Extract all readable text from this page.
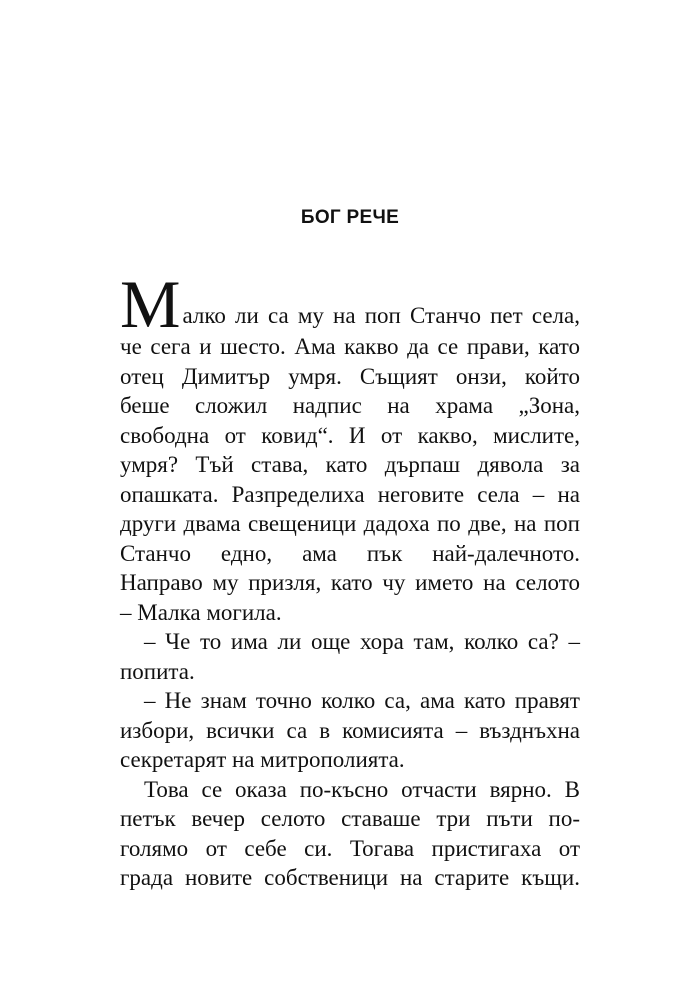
БОГ РЕЧЕ
М алко ли са му на поп Станчо пет села,
че сега и шесто. Ама какво да се прави, като
отец Димитър умря. Същият онзи, който
беше сложил надпис на храма „Зона,
свободна от ковид“. И от какво, мислите,
умря? Тъй става, като дърпаш дявола за
опашката. Разпределиха неговите села – на
други двама свещеници дадоха по две, на поп
Станчо едно, ама пък най-далечното.
Направо му призля, като чу името на селото
– Малка могила.
– Че то има ли още хора там, колко са? –
попита.
– Не знам точно колко са, ама като правят
избори, всички са в комисията – възднъхна
секретарят на митрополията.
Това се оказа по-късно отчасти вярно. В
петък вечер селото ставаше три пъти по-
голямо от себе си. Тогава пристигаха от
града новите собственици на старите къщи.
